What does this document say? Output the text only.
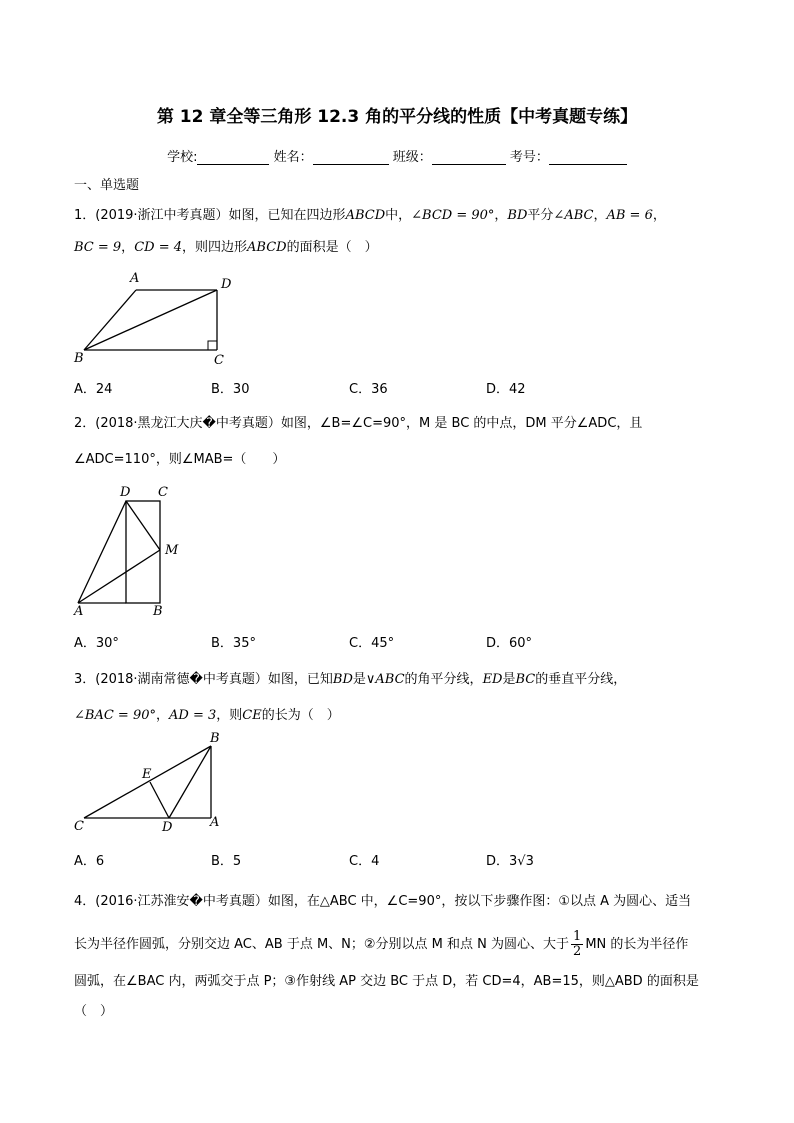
第 12 章全等三角形 12.3 角的平分线的性质【中考真题专练】
学校:	姓名：	班级：	考号：
一、单选题
1．(2019·浙江中考真题）如图，已知在四边形ABCD中，∠BCD = 90°，BD平分∠ABC，AB = 6，
BC = 9，CD = 4，则四边形ABCD的面积是（　）
A	D
B	C
A．24	B．30	C．36	D．42
2．(2018·黑龙江大庆�中考真题）如图，∠B=∠C=90°，M 是 BC 的中点，DM 平分∠ADC，且
∠ADC=110°，则∠MAB=（　　）
D C
M
A	B
A．30°	B．35°	C．45°	D．60°
3．(2018·湖南常德�中考真题）如图，已知BD是∨ABC的角平分线，ED是BC的垂直平分线，
∠BAC = 90°，AD = 3，则CE的长为（　）
B
E
C	D	A
A．6	B．5	C．4	D．3√3
4．(2016·江苏淮安�中考真题）如图，在△ABC 中，∠C=90°，按以下步骤作图：①以点 A 为圆心、适当
长为半径作圆弧，分别交边 AC、AB 于点 M、N；②分别以点 M 和点 N 为圆心、大于 $\frac{1}{2}$ MN 的长为半径作
圆弧，在∠BAC 内，两弧交于点 P；③作射线 AP 交边 BC 于点 D，若 CD=4，AB=15，则△ABD 的面积是
（　）
